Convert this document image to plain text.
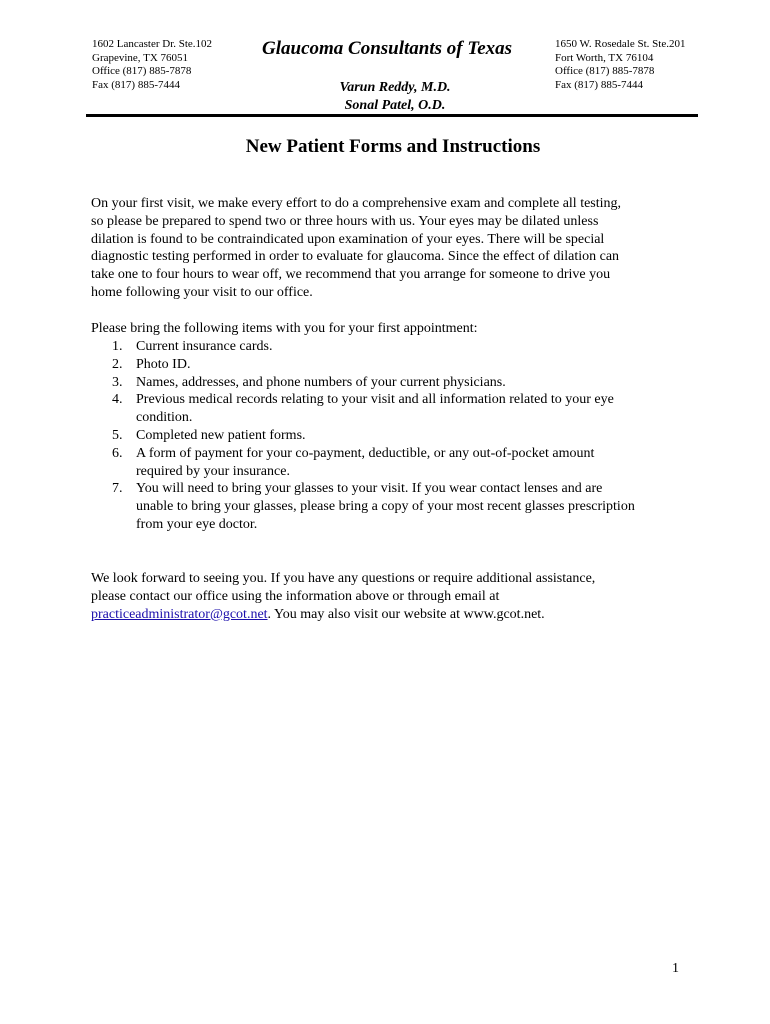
1602 Lancaster Dr. Ste.102
Grapevine, TX 76051
Office (817) 885-7878
Fax (817) 885-7444
Glaucoma Consultants of Texas
Varun Reddy, M.D.
Sonal Patel, O.D.
1650 W. Rosedale St. Ste.201
Fort Worth, TX 76104
Office (817) 885-7878
Fax (817) 885-7444
New Patient Forms and Instructions

On your first visit, we make every effort to do a comprehensive exam and complete all testing,
so please be prepared to spend two or three hours with us. Your eyes may be dilated unless
dilation is found to be contraindicated upon examination of your eyes. There will be special
diagnostic testing performed in order to evaluate for glaucoma. Since the effect of dilation can
take one to four hours to wear off, we recommend that you arrange for someone to drive you
home following your visit to our office.

Please bring the following items with you for your first appointment:

1. Current insurance cards.
2. Photo ID.
3. Names, addresses, and phone numbers of your current physicians.
4. Previous medical records relating to your visit and all information related to your eye
condition.
5. Completed new patient forms.
6. A form of payment for your co-payment, deductible, or any out-of-pocket amount
required by your insurance.
7. You will need to bring your glasses to your visit. If you wear contact lenses and are
unable to bring your glasses, please bring a copy of your most recent glasses prescription
from your eye doctor.

We look forward to seeing you. If you have any questions or require additional assistance,
please contact our office using the information above or through email at
practiceadministrator@gcot.net. You may also visit our website at www.gcot.net.

1
